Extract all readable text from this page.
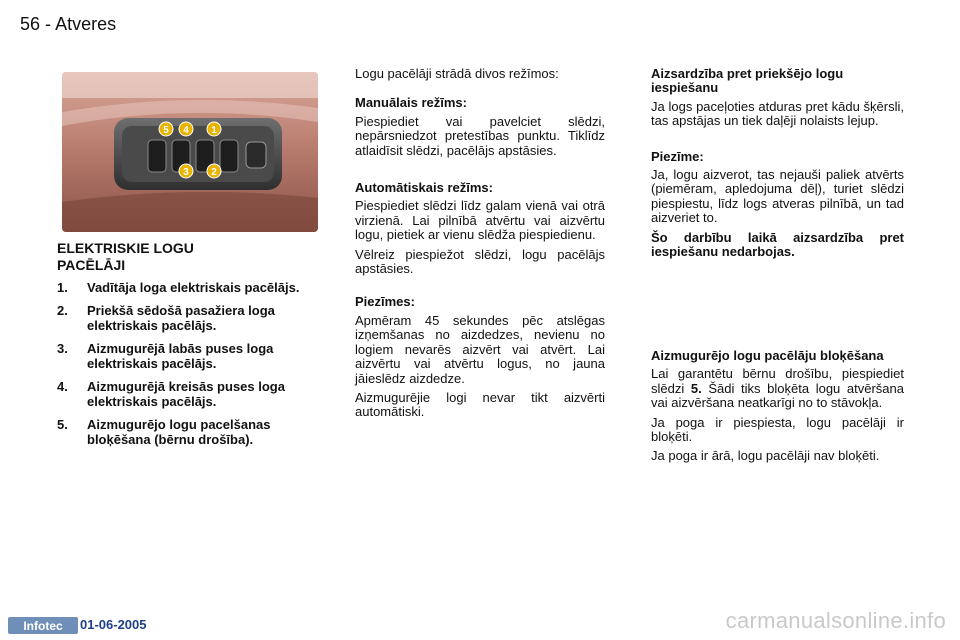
56 - Atveres
5 4 1
3 2
ELEKTRISKIE LOGU
PACĒLĀJI
1.	Vadītāja loga elektriskais pacēlājs.
2.	Priekšā sēdošā pasažiera loga elektriskais pacēlājs.
3.	Aizmugurējā labās puses loga elektriskais pacēlājs.
4.	Aizmugurējā kreisās puses loga elektriskais pacēlājs.
5.	Aizmugurējo logu pacelšanas bloķēšana (bērnu drošība).

Logu pacēlāji strādā divos režīmos:

Manuālais režīms:

Piespiediet vai pavelciet slēdzi, nepārsniedzot pretestības punktu. Tiklīdz atlaidīsit slēdzi, pacēlājs apstāsies.

Automātiskais režīms:

Piespiediet slēdzi līdz galam vienā vai otrā virzienā. Lai pilnībā atvērtu vai aizvērtu logu, pietiek ar vienu slēdža piespiedienu.

Vēlreiz piespiežot slēdzi, logu pacēlājs apstāsies.

Piezīmes:

Apmēram 45 sekundes pēc atslēgas izņemšanas no aizdedzes, nevienu no logiem nevarēs aizvērt vai atvērt. Lai aizvērtu vai atvērtu logus, no jauna jāieslēdz aizdedze.

Aizmugurējie logi nevar tikt aizvērti automātiski.

Aizsardzība pret priekšējo logu iespiešanu

Ja logs paceļoties atduras pret kādu šķērsli, tas apstājas un tiek daļēji nolaists lejup.

Piezīme:

Ja, logu aizverot, tas nejauši paliek atvērts (piemēram, apledojuma dēļ), turiet slēdzi piespiestu, līdz logs atveras pilnībā, un tad aizveriet to.

Šo darbību laikā aizsardzība pret iespiešanu nedarbojas.

Aizmugurējo logu pacēlāju bloķēšana

Lai garantētu bērnu drošību, piespiediet slēdzi 5. Šādi tiks bloķēta logu atvēršana vai aizvēršana neatkarīgi no to stāvokļa.

Ja poga ir piespiesta, logu pacēlāji ir bloķēti.

Ja poga ir ārā, logu pacēlāji nav bloķēti.

Infotec	01-06-2005	carmanualsonline.info
